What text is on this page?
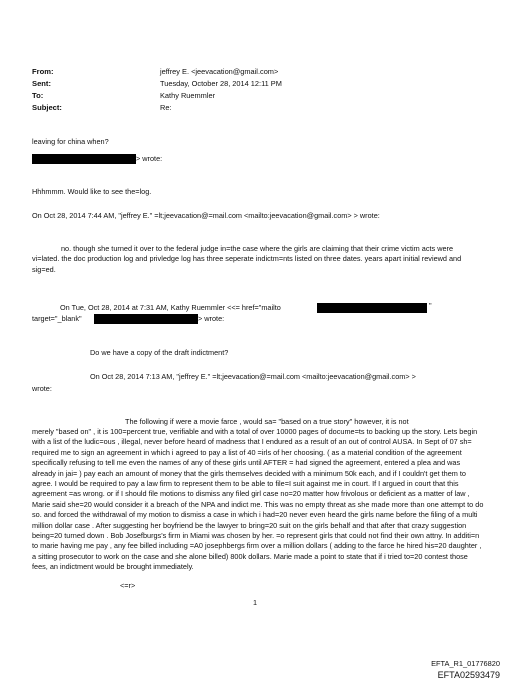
From:	jeffrey E. <jeevacation@gmail.com>
Sent:	Tuesday, October 28, 2014 12:11 PM
To:	Kathy Ruemmler
Subject:	Re:
leaving for china when?
> wrote:
Hhhmmm. Would like to see the=log.
On Oct 28, 2014 7:44 AM, "jeffrey E." =lt;jeevacation@=mail.com <mailto:jeevacation@gmail.com> > wrote:
no. though she turned it over to the federal judge in=the case where the girls are claiming that their crime victim acts were vi=lated. the doc production log and privledge log has three seperate indictm=nts listed on three dates. years apart initial reviewd and sig=ed.
On Tue, Oct 28, 2014 at 7:31 AM, Kathy Ruemmler <<= href="mailto	"
target="_blank"	> wrote:
Do we have a copy of the draft indictment?
On Oct 28, 2014 7:13 AM, "jeffrey E." =lt;jeevacation@=mail.com <mailto:jeevacation@gmail.com> >
wrote:
The following if were a movie farce , would sa= "based on a true story" however, it is not
merely "based on" , it is 100=percent true, verifiable and with a total of over 10000 pages of docume=ts to backing up the story. Lets begin with a list of the ludic=ous , illegal, never before heard of madness that I endured as a result of an out of control AUSA. In Sept of 07 sh= required me to sign an agreement in which i agreed to pay a list of 40 =irls of her choosing. ( as a material condition of the agreement specifically refusing to tell me even the names of any of these girls until AFTER = had signed the agreement, entered a plea and was already in jai= ) pay each an amount of money that the girls themselves decided with a minimum 50k each, and if I couldn't get them to agree. I would be required to pay a law firm to represent them to be able to file=I suit against me in court. If I argued in court that this agreement =as wrong. or if I should file motions to dismiss any filed girl case no=20 matter how frivolous or deficient as a matter of law , Marie said she=20 would consider it a breach of the NPA and indict me. This was no empty threat as she made more than one attempt to do so. and forced the withdrawal of my motion to dismiss a case in which i had=20 never even heard the girls name before the filing of a multi million dollar case . After suggesting her boyfriend be the lawyer to bring=20 suit on the girls behalf and that after that crazy suggestion being=20 turned down . Bob Josefburgs's firm in Miami was chosen by her. =o represent girls that could not find their own attny. In additi=n to marie having me pay , any fee billed including =A0 josephbergs firm over a million dollars ( adding to the farce he hired his=20 daughter , a sitting prosecutor to work on the case and she alone billed) 800k dollars. Marie made a point to state that if i tried to=20 contest those fees, an indictment would be brought immediately.
<=r>
1
EFTA_R1_01776820
EFTA02593479
